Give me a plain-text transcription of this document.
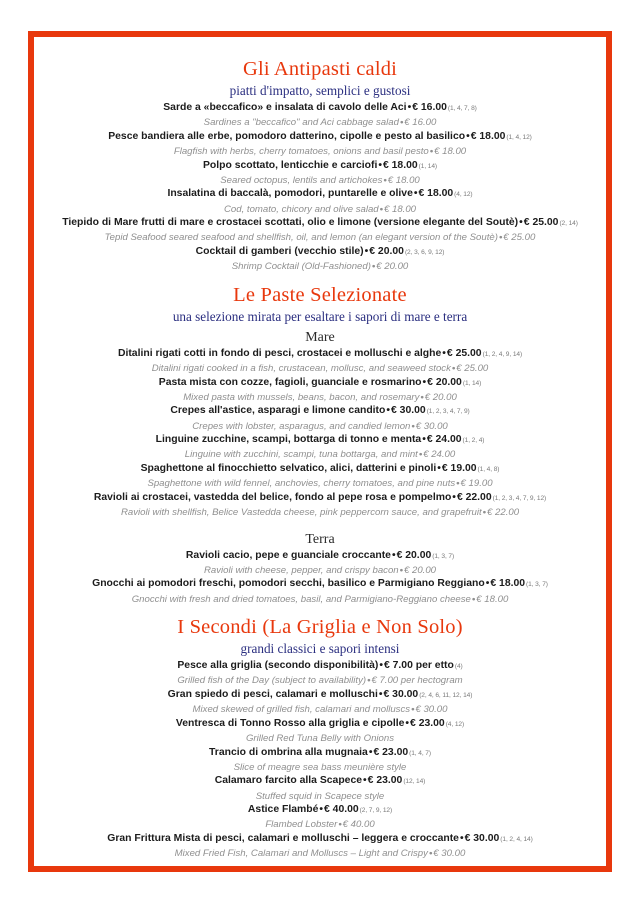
Gli Antipasti caldi
piatti d'impatto, semplici e gustosi
Sarde a «beccafico» e insalata di cavolo delle Aci•€ 16.00(1, 4, 7, 8)
Sardines a "beccafico" and Aci cabbage salad•€ 16.00
Pesce bandiera alle erbe, pomodoro datterino, cipolle e pesto al basilico•€ 18.00(1, 4, 12)
Flagfish with herbs, cherry tomatoes, onions and basil pesto•€ 18.00
Polpo scottato, lenticchie e carciofi•€ 18.00(1, 14)
Seared octopus, lentils and artichokes•€ 18.00
Insalatina di baccalà, pomodori, puntarelle e olive•€ 18.00(4, 12)
Cod, tomato, chicory and olive salad•€ 18.00
Tiepido di Mare frutti di mare e crostacei scottati, olio e limone (versione elegante del Soutè)•€ 25.00(2, 14)
Tepid Seafood seared seafood and shellfish, oil, and lemon (an elegant version of the Soutè)•€ 25.00
Cocktail di gamberi (vecchio stile)•€ 20.00(2, 3, 6, 9, 12)
Shrimp Cocktail (Old-Fashioned)•€ 20.00
Le Paste Selezionate
una selezione mirata per esaltare i sapori di mare e terra
Mare
Ditalini rigati cotti in fondo di pesci, crostacei e molluschi e alghe•€ 25.00(1, 2, 4, 9, 14)
Ditalini rigati cooked in a fish, crustacean, mollusc, and seaweed stock•€ 25.00
Pasta mista con cozze, fagioli, guanciale e rosmarino•€ 20.00(1, 14)
Mixed pasta with mussels, beans, bacon, and rosemary•€ 20.00
Crepes all'astice, asparagi e limone candito•€ 30.00(1, 2, 3, 4, 7, 9)
Crepes with lobster, asparagus, and candied lemon•€ 30.00
Linguine zucchine, scampi, bottarga di tonno e menta•€ 24.00(1, 2, 4)
Linguine with zucchini, scampi, tuna bottarga, and mint•€ 24.00
Spaghettone al finocchietto selvatico, alici, datterini e pinoli•€ 19.00(1, 4, 8)
Spaghettone with wild fennel, anchovies, cherry tomatoes, and pine nuts•€ 19.00
Ravioli ai crostacei, vastedda del belice, fondo al pepe rosa e pompelmo•€ 22.00(1, 2, 3, 4, 7, 9, 12)
Ravioli with shellfish, Belice Vastedda cheese, pink peppercorn sauce, and grapefruit•€ 22.00
Terra
Ravioli cacio, pepe e guanciale croccante•€ 20.00(1, 3, 7)
Ravioli with cheese, pepper, and crispy bacon•€ 20.00
Gnocchi ai pomodori freschi, pomodori secchi, basilico e Parmigiano Reggiano•€ 18.00(1, 3, 7)
Gnocchi with fresh and dried tomatoes, basil, and Parmigiano-Reggiano cheese•€ 18.00
I Secondi (La Griglia e Non Solo)
grandi classici e sapori intensi
Pesce alla griglia (secondo disponibilità)•€ 7.00 per etto(4)
Grilled fish of the Day (subject to availability)•€ 7.00 per hectogram
Gran spiedo di pesci, calamari e molluschi•€ 30.00(2, 4, 6, 11, 12, 14)
Mixed skewed of grilled fish, calamari and molluscs•€ 30.00
Ventresca di Tonno Rosso alla griglia e cipolle•€ 23.00(4, 12)
Grilled Red Tuna Belly with Onions
Trancio di ombrina alla mugnaia•€ 23.00(1, 4, 7)
Slice of meagre sea bass meunière style
Calamaro farcito alla Scapece•€ 23.00(12, 14)
Stuffed squid in Scapece style
Astice Flambé•€ 40.00(2, 7, 9, 12)
Flambed Lobster•€ 40.00
Gran Frittura Mista di pesci, calamari e molluschi – leggera e croccante•€ 30.00(1, 2, 4, 14)
Mixed Fried Fish, Calamari and Molluscs – Light and Crispy•€ 30.00
